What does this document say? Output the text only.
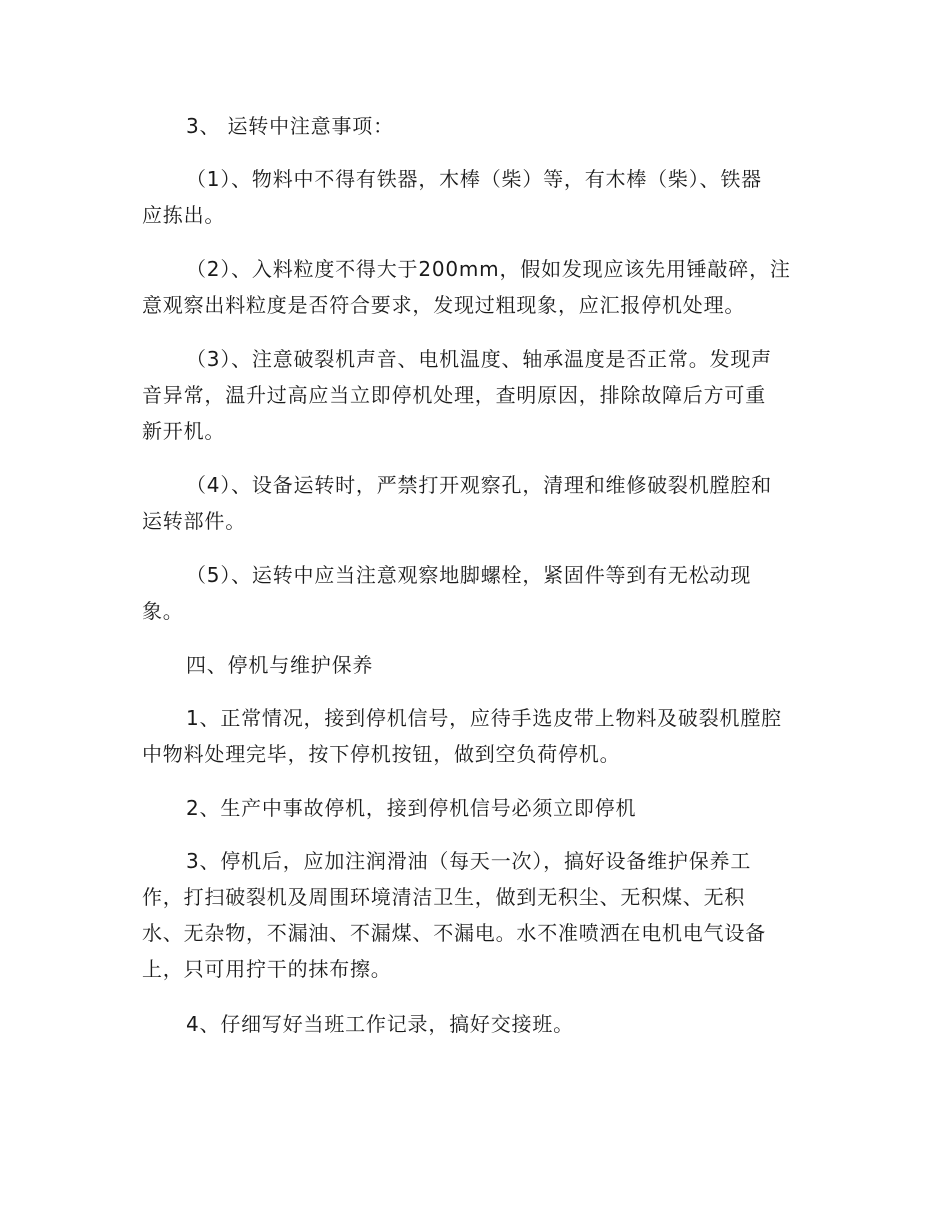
3、 运转中注意事项：
（1）、物料中不得有铁器，木棒（柴）等，有木棒（柴）、铁器
应拣出。
（2）、入料粒度不得大于200mm，假如发现应该先用锤敲碎，注
意观察出料粒度是否符合要求，发现过粗现象，应汇报停机处理。
（3）、注意破裂机声音、电机温度、轴承温度是否正常。发现声
音异常，温升过高应当立即停机处理，查明原因，排除故障后方可重
新开机。
（4）、设备运转时，严禁打开观察孔，清理和维修破裂机膛腔和
运转部件。
（5）、运转中应当注意观察地脚螺栓，紧固件等到有无松动现
象。
四、停机与维护保养
1、正常情况，接到停机信号，应待手选皮带上物料及破裂机膛腔
中物料处理完毕，按下停机按钮，做到空负荷停机。
2、生产中事故停机，接到停机信号必须立即停机
3、停机后，应加注润滑油（每天一次），搞好设备维护保养工
作，打扫破裂机及周围环境清洁卫生，做到无积尘、无积煤、无积
水、无杂物，不漏油、不漏煤、不漏电。水不准喷洒在电机电气设备
上，只可用拧干的抹布擦。
4、仔细写好当班工作记录，搞好交接班。
